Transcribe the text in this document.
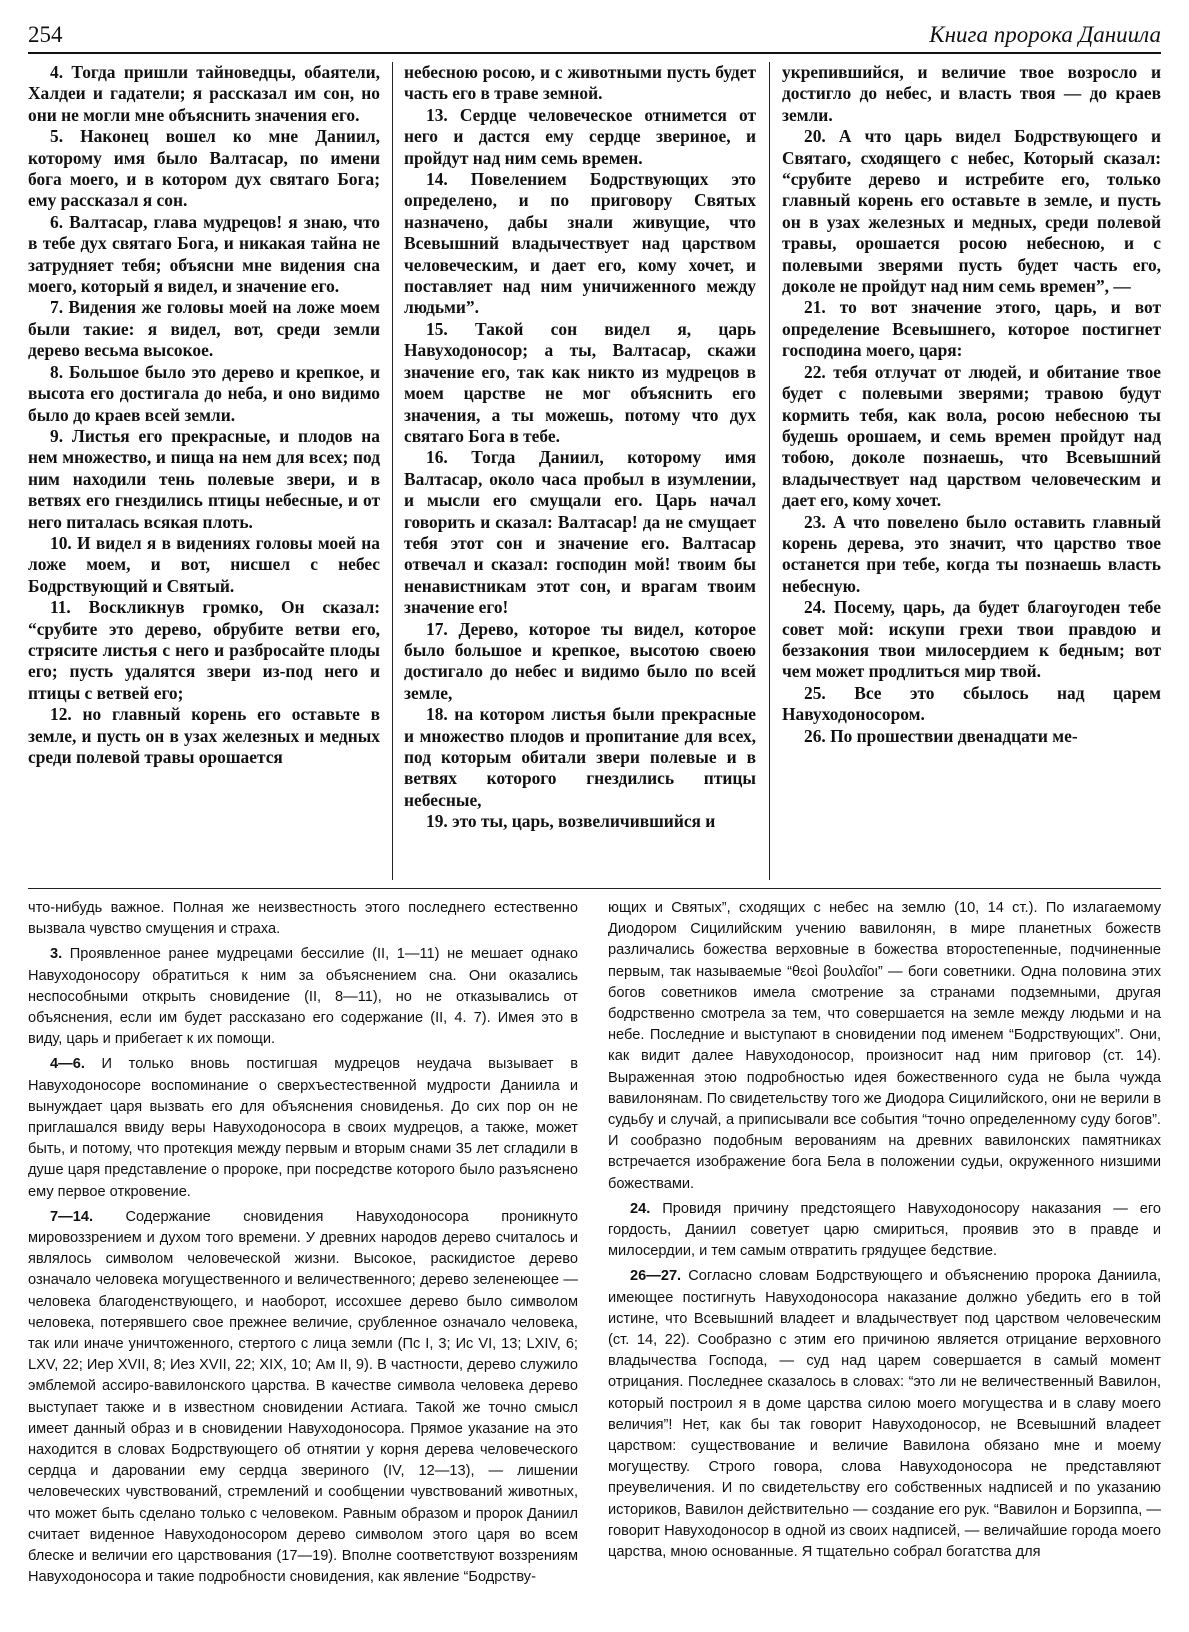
254	Книга пророка Даниила

4. Тогда пришли тайноведцы, обаятели, Халдеи и гадатели; я рассказал им сон, но они не могли мне объяснить значения его.

5. Наконец вошел ко мне Даниил, которому имя было Валтасар, по имени бога моего, и в котором дух святаго Бога; ему рассказал я сон.

6. Валтасар, глава мудрецов! я знаю, что в тебе дух святаго Бога, и никакая тайна не затрудняет тебя; объясни мне видения сна моего, который я видел, и значение его.

7. Видения же головы моей на ложе моем были такие: я видел, вот, среди земли дерево весьма высокое.

8. Большое было это дерево и крепкое, и высота его достигала до неба, и оно видимо было до краев всей земли.

9. Листья его прекрасные, и плодов на нем множество, и пища на нем для всех; под ним находили тень полевые звери, и в ветвях его гнездились птицы небесные, и от него питалась всякая плоть.

10. И видел я в видениях головы моей на ложе моем, и вот, нисшел с небес Бодрствующий и Святый.

11. Воскликнув громко, Он сказал: “срубите это дерево, обрубите ветви его, стрясите листья с него и разбросайте плоды его; пусть удалятся звери из-под него и птицы с ветвей его;

12. но главный корень его оставьте в земле, и пусть он в узах железных и медных среди полевой травы орошается

небесною росою, и с животными пусть будет часть его в траве земной.

13. Сердце человеческое отнимется от него и дастся ему сердце звериное, и пройдут над ним семь времен.

14. Повелением Бодрствующих это определено, и по приговору Святых назначено, дабы знали живущие, что Всевышний владычествует над царством человеческим, и дает его, кому хочет, и поставляет над ним уничиженного между людьми”.

15. Такой сон видел я, царь Навуходоносор; а ты, Валтасар, скажи значение его, так как никто из мудрецов в моем царстве не мог объяснить его значения, а ты можешь, потому что дух святаго Бога в тебе.

16. Тогда Даниил, которому имя Валтасар, около часа пробыл в изумлении, и мысли его смущали его. Царь начал говорить и сказал: Валтасар! да не смущает тебя этот сон и значение его. Валтасар отвечал и сказал: господин мой! твоим бы ненавистникам этот сон, и врагам твоим значение его!

17. Дерево, которое ты видел, которое было большое и крепкое, высотою своею достигало до небес и видимо было по всей земле,

18. на котором листья были прекрасные и множество плодов и пропитание для всех, под которым обитали звери полевые и в ветвях которого гнездились птицы небесные,

19. это ты, царь, возвеличившийся и

укрепившийся, и величие твое возросло и достигло до небес, и власть твоя — до краев земли.

20. А что царь видел Бодрствующего и Святаго, сходящего с небес, Который сказал: “срубите дерево и истребите его, только главный корень его оставьте в земле, и пусть он в узах железных и медных, среди полевой травы, орошается росою небесною, и с полевыми зверями пусть будет часть его, доколе не пройдут над ним семь времен”, —

21. то вот значение этого, царь, и вот определение Всевышнего, которое постигнет господина моего, царя:

22. тебя отлучат от людей, и обитание твое будет с полевыми зверями; травою будут кормить тебя, как вола, росою небесною ты будешь орошаем, и семь времен пройдут над тобою, доколе познаешь, что Всевышний владычествует над царством человеческим и дает его, кому хочет.

23. А что повелено было оставить главный корень дерева, это значит, что царство твое останется при тебе, когда ты познаешь власть небесную.

24. Посему, царь, да будет благоугоден тебе совет мой: искупи грехи твои правдою и беззакония твои милосердием к бедным; вот чем может продлиться мир твой.

25. Все это сбылось над царем Навуходоносором.

26. По прошествии двенадцати ме-

что-нибудь важное. Полная же неизвестность этого последнего естественно вызвала чувство смущения и страха.

3. Проявленное ранее мудрецами бессилие (II, 1—11) не мешает однако Навуходоносору обратиться к ним за объяснением сна. Они оказались неспособными открыть сновидение (II, 8—11), но не отказывались от объяснения, если им будет рассказано его содержание (II, 4. 7). Имея это в виду, царь и прибегает к их помощи.

4—6. И только вновь постигшая мудрецов неудача вызывает в Навуходоносоре воспоминание о сверхъестественной мудрости Даниила и вынуждает царя вызвать его для объяснения сновиденья. До сих пор он не приглашался ввиду веры Навуходоносора в своих мудрецов, а также, может быть, и потому, что протекция между первым и вторым снами 35 лет сгладили в душе царя представление о пророке, при посредстве которого было разъяснено ему первое откровение.

7—14. Содержание сновидения Навуходоносора проникнуто мировоззрением и духом того времени. У древних народов дерево считалось и являлось символом человеческой жизни. Высокое, раскидистое дерево означало человека могущественного и величественного; дерево зеленеющее — человека благоденствующего, и наоборот, иссохшее дерево было символом человека, потерявшего свое прежнее величие, срубленное означало человека, так или иначе уничтоженного, стертого с лица земли (Пс I, 3; Ис VI, 13; LXIV, 6; LXV, 22; Иер XVII, 8; Иез XVII, 22; XIX, 10; Ам II, 9). В частности, дерево служило эмблемой ассиро-вавилонского царства. В качестве символа человека дерево выступает также и в известном сновидении Астиага. Такой же точно смысл имеет данный образ и в сновидении Навуходоносора. Прямое указание на это находится в словах Бодрствующего об отнятии у корня дерева человеческого сердца и даровании ему сердца звериного (IV, 12—13), — лишении человеческих чувствований, стремлений и сообщении чувствований животных, что может быть сделано только с человеком. Равным образом и пророк Даниил считает виденное Навуходоносором дерево символом этого царя во всем блеске и величии его царствования (17—19). Вполне соответствуют воззрениям Навуходоносора и такие подробности сновидения, как явление “Бодрству-

ющих и Святых”, сходящих с небес на землю (10, 14 ст.). По излагаемому Диодором Сицилийским учению вавилонян, в мире планетных божеств различались божества верховные в божества второстепенные, подчиненные первым, так называемые “θεοὶ βουλαῖοι” — боги советники. Одна половина этих богов советников имела смотрение за странами подземными, другая бодрственно смотрела за тем, что совершается на земле между людьми и на небе. Последние и выступают в сновидении под именем “Бодрствующих”. Они, как видит далее Навуходоносор, произносит над ним приговор (ст. 14). Выраженная этою подробностью идея божественного суда не была чужда вавилонянам. По свидетельству того же Диодора Сицилийского, они не верили в судьбу и случай, а приписывали все события “точно определенному суду богов”. И сообразно подобным верованиям на древних вавилонских памятниках встречается изображение бога Бела в положении судьи, окруженного низшими божествами.

24. Провидя причину предстоящего Навуходоносору наказания — его гордость, Даниил советует царю смириться, проявив это в правде и милосердии, и тем самым отвратить грядущее бедствие.

26—27. Согласно словам Бодрствующего и объяснению пророка Даниила, имеющее постигнуть Навуходоносора наказание должно убедить его в той истине, что Всевышний владеет и владычествует под царством человеческим (ст. 14, 22). Сообразно с этим его причиною является отрицание верховного владычества Господа, — суд над царем совершается в самый момент отрицания. Последнее сказалось в словах: “это ли не величественный Вавилон, который построил я в доме царства силою моего могущества и в славу моего величия”! Нет, как бы так говорит Навуходоносор, не Всевышний владеет царством: существование и величие Вавилона обязано мне и моему могуществу. Строго говора, слова Навуходоносора не представляют преувеличения. И по свидетельству его собственных надписей и по указанию историков, Вавилон действительно — создание его рук. “Вавилон и Борзиппа, — говорит Навуходоносор в одной из своих надписей, — величайшие города моего царства, мною основанные. Я тщательно собрал богатства для
